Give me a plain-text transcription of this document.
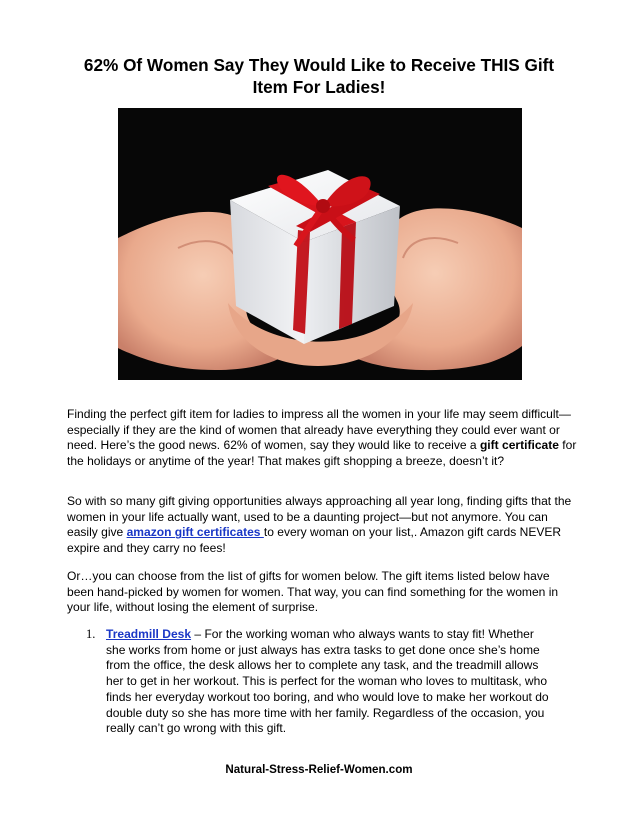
62% Of Women Say They Would Like to Receive THIS Gift Item For Ladies!
Finding the perfect gift item for ladies to impress all the women in your life may seem difficult—especially if they are the kind of women that already have everything they could ever want or need. Here’s the good news. 62% of women, say they would like to receive a gift certificate for the holidays or anytime of the year! That makes gift shopping a breeze, doesn’t it?
So with so many gift giving opportunities always approaching all year long, finding gifts that the women in your life actually want, used to be a daunting project—but not anymore. You can easily give amazon gift certificates to every woman on your list,. Amazon gift cards NEVER expire and they carry no fees!
Or…you can choose from the list of gifts for women below. The gift items listed below have been hand-picked by women for women. That way, you can find something for the women in your life, without losing the element of surprise.
1. Treadmill Desk – For the working woman who always wants to stay fit! Whether she works from home or just always has extra tasks to get done once she’s home from the office, the desk allows her to complete any task, and the treadmill allows her to get in her workout. This is perfect for the woman who loves to multitask, who finds her everyday workout too boring, and who would love to make her workout do double duty so she has more time with her family. Regardless of the occasion, you really can’t go wrong with this gift.
Natural-Stress-Relief-Women.com
